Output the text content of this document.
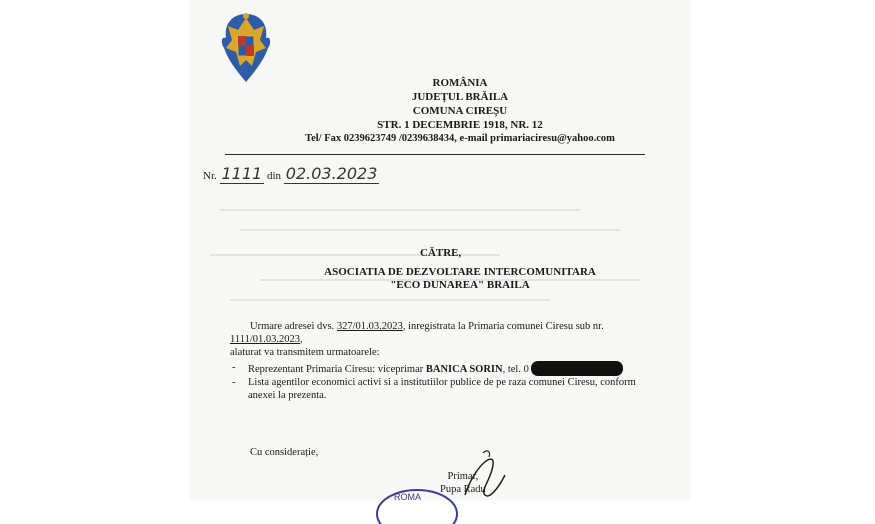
ROMÂNIA
JUDEȚUL BRĂILA
COMUNA CIREȘU
STR. 1 DECEMBRIE 1918, NR. 12
Tel/ Fax 0239623749 /0239638434, e-mail primariaciresu@yahoo.com
Nr. 1111 din 02.03.2023
CĂTRE,
ASOCIATIA DE DEZVOLTARE INTERCOMUNITARA
"ECO DUNAREA" BRAILA

Urmare adresei dvs. 327/01.03.2023, inregistrata la Primaria comunei Ciresu sub nr. 1111/01.03.2023,

alaturat va transmitem urmatoarele:

- Reprezentant Primaria Ciresu: viceprimar BANICA SORIN, tel. 0
- Lista agentilor economici activi si a institutiilor publice de pe raza comunei Ciresu, conform anexei la prezenta.
Cu considerație,
Primar,
Pupa Radu
ROMA
